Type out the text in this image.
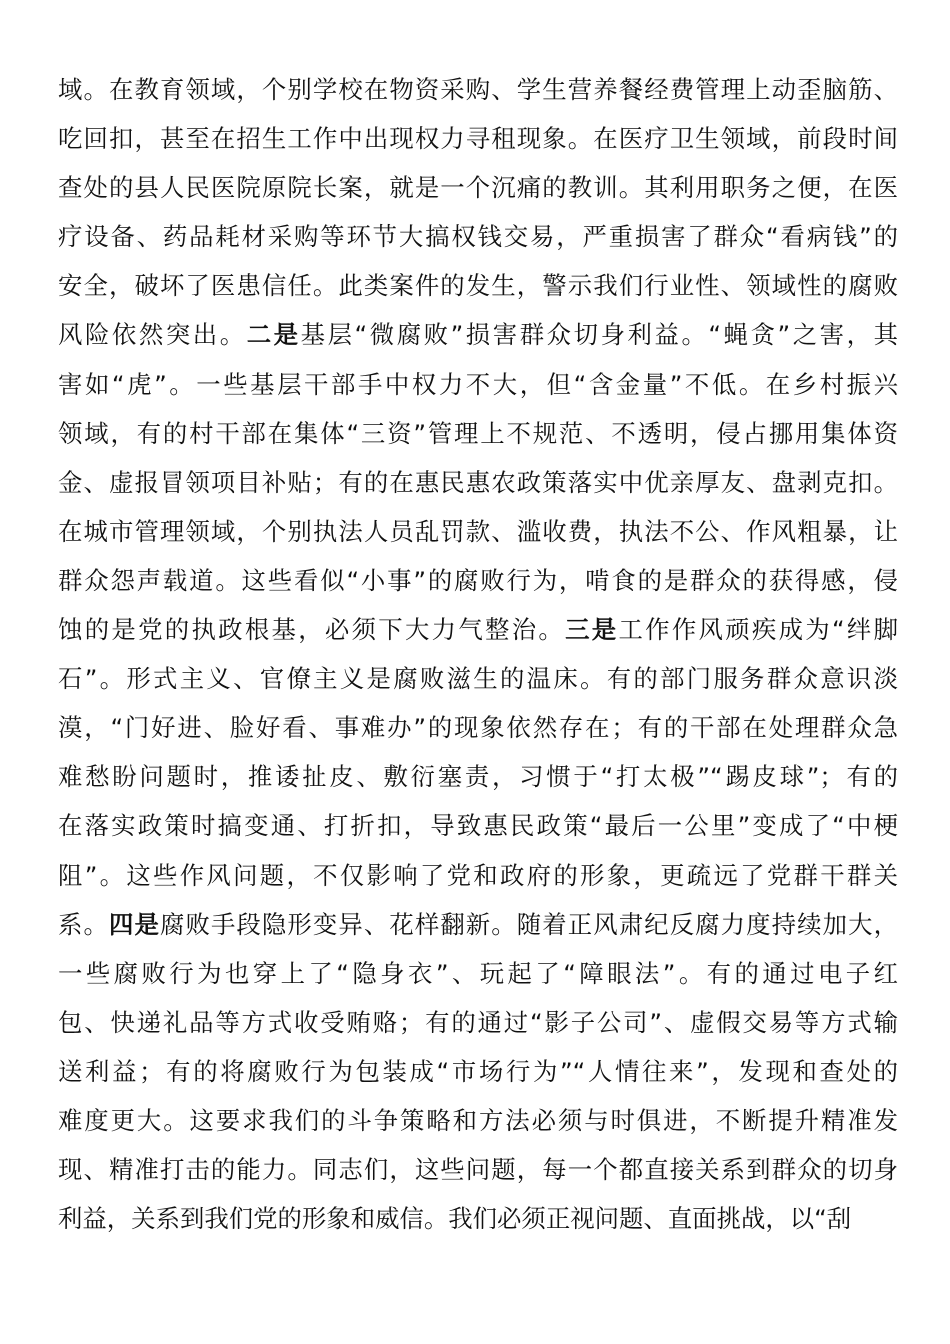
域。在教育领域，个别学校在物资采购、学生营养餐经费管理上动歪脑筋、
吃回扣，甚至在招生工作中出现权力寻租现象。在医疗卫生领域，前段时间
查处的县人民医院原院长案，就是一个沉痛的教训。其利用职务之便，在医
疗设备、药品耗材采购等环节大搞权钱交易，严重损害了群众“看病钱”的
安全，破坏了医患信任。此类案件的发生，警示我们行业性、领域性的腐败
风险依然突出。二是基层“微腐败”损害群众切身利益。“蝇贪”之害，其
害如“虎”。一些基层干部手中权力不大，但“含金量”不低。在乡村振兴
领域，有的村干部在集体“三资”管理上不规范、不透明，侵占挪用集体资
金、虚报冒领项目补贴；有的在惠民惠农政策落实中优亲厚友、盘剥克扣。
在城市管理领域，个别执法人员乱罚款、滥收费，执法不公、作风粗暴，让
群众怨声载道。这些看似“小事”的腐败行为，啃食的是群众的获得感，侵
蚀的是党的执政根基，必须下大力气整治。三是工作作风顽疾成为“绊脚
石”。形式主义、官僚主义是腐败滋生的温床。有的部门服务群众意识淡
漠，“门好进、脸好看、事难办”的现象依然存在；有的干部在处理群众急
难愁盼问题时，推诿扯皮、敷衍塞责，习惯于“打太极”“踢皮球”；有的
在落实政策时搞变通、打折扣，导致惠民政策“最后一公里”变成了“中梗
阻”。这些作风问题，不仅影响了党和政府的形象，更疏远了党群干群关
系。四是腐败手段隐形变异、花样翻新。随着正风肃纪反腐力度持续加大，
一些腐败行为也穿上了“隐身衣”、玩起了“障眼法”。有的通过电子红
包、快递礼品等方式收受贿赂；有的通过“影子公司”、虚假交易等方式输
送利益；有的将腐败行为包装成“市场行为”“人情往来”，发现和查处的
难度更大。这要求我们的斗争策略和方法必须与时俱进，不断提升精准发
现、精准打击的能力。同志们，这些问题，每一个都直接关系到群众的切身
利益，关系到我们党的形象和威信。我们必须正视问题、直面挑战，以“刮
